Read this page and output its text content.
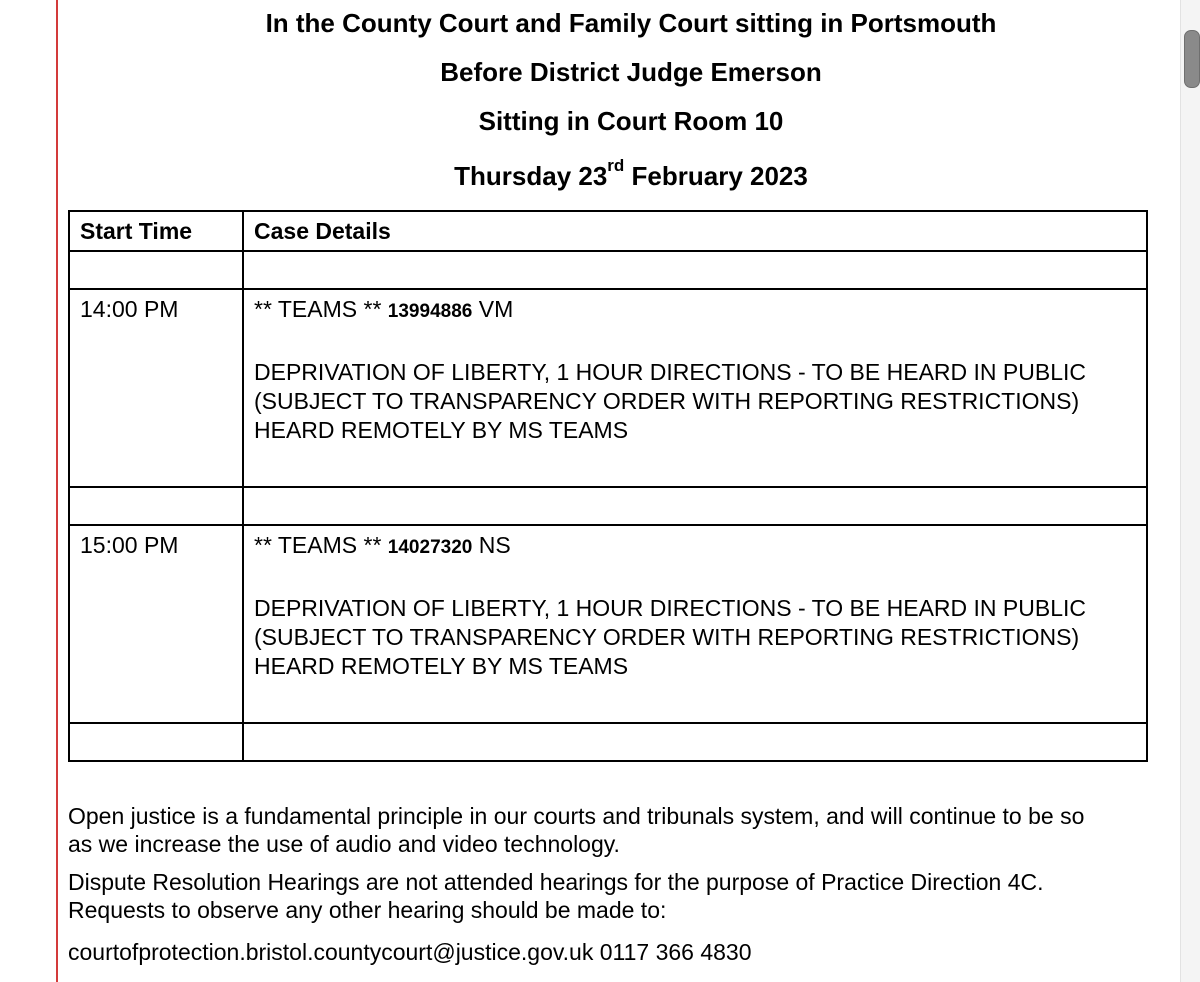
In the County Court and Family Court sitting in Portsmouth
Before District Judge Emerson
Sitting in Court Room 10
Thursday 23rd February 2023
Start Time	Case Details

14:00 PM	** TEAMS ** 13994886 VM
DEPRIVATION OF LIBERTY, 1 HOUR DIRECTIONS - TO BE HEARD IN PUBLIC (SUBJECT TO TRANSPARENCY ORDER WITH REPORTING RESTRICTIONS)
HEARD REMOTELY BY MS TEAMS

15:00 PM	** TEAMS ** 14027320 NS
DEPRIVATION OF LIBERTY, 1 HOUR DIRECTIONS - TO BE HEARD IN PUBLIC (SUBJECT TO TRANSPARENCY ORDER WITH REPORTING RESTRICTIONS)
HEARD REMOTELY BY MS TEAMS

Open justice is a fundamental principle in our courts and tribunals system, and will continue to be so
as we increase the use of audio and video technology.

Dispute Resolution Hearings are not attended hearings for the purpose of Practice Direction 4C.
Requests to observe any other hearing should be made to:

courtofprotection.bristol.countycourt@justice.gov.uk 0117 366 4830
